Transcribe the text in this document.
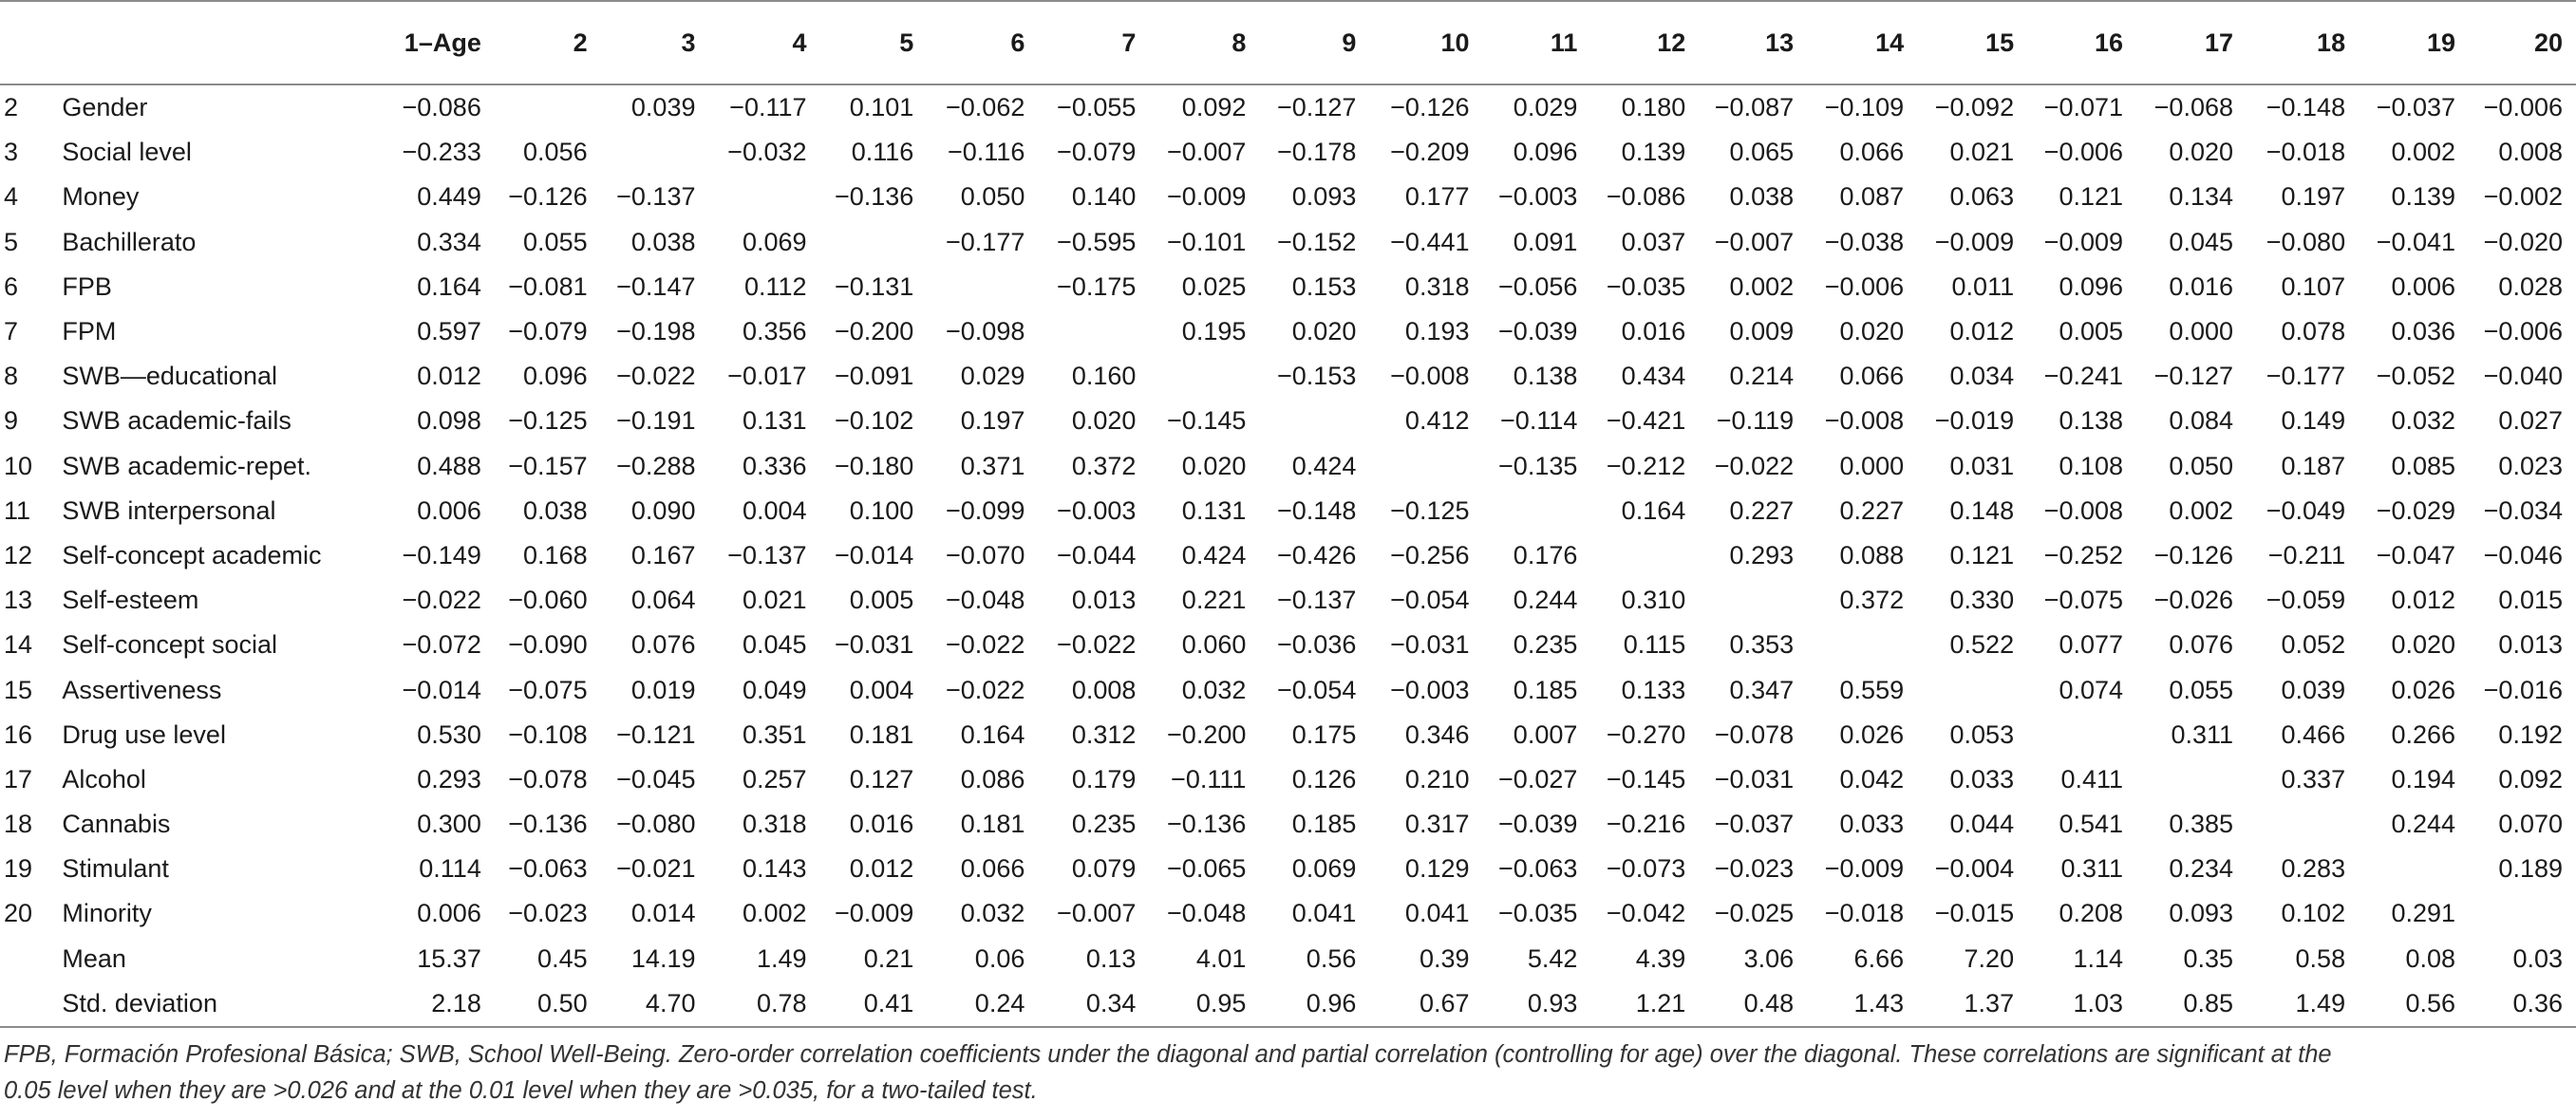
		1–Age	2	3	4	5	6	7	8	9	10	11	12	13	14	15	16	17	18	19	20
2	Gender	−0.086		0.039	−0.117	0.101	−0.062	−0.055	0.092	−0.127	−0.126	0.029	0.180	−0.087	−0.109	−0.092	−0.071	−0.068	−0.148	−0.037	−0.006
3	Social level	−0.233	0.056		−0.032	0.116	−0.116	−0.079	−0.007	−0.178	−0.209	0.096	0.139	0.065	0.066	0.021	−0.006	0.020	−0.018	0.002	0.008
4	Money	0.449	−0.126	−0.137		−0.136	0.050	0.140	−0.009	0.093	0.177	−0.003	−0.086	0.038	0.087	0.063	0.121	0.134	0.197	0.139	−0.002
5	Bachillerato	0.334	0.055	0.038	0.069		−0.177	−0.595	−0.101	−0.152	−0.441	0.091	0.037	−0.007	−0.038	−0.009	−0.009	0.045	−0.080	−0.041	−0.020
6	FPB	0.164	−0.081	−0.147	0.112	−0.131		−0.175	0.025	0.153	0.318	−0.056	−0.035	0.002	−0.006	0.011	0.096	0.016	0.107	0.006	0.028
7	FPM	0.597	−0.079	−0.198	0.356	−0.200	−0.098		0.195	0.020	0.193	−0.039	0.016	0.009	0.020	0.012	0.005	0.000	0.078	0.036	−0.006
8	SWB—educational	0.012	0.096	−0.022	−0.017	−0.091	0.029	0.160		−0.153	−0.008	0.138	0.434	0.214	0.066	0.034	−0.241	−0.127	−0.177	−0.052	−0.040
9	SWB academic-fails	0.098	−0.125	−0.191	0.131	−0.102	0.197	0.020	−0.145		0.412	−0.114	−0.421	−0.119	−0.008	−0.019	0.138	0.084	0.149	0.032	0.027
10	SWB academic-repet.	0.488	−0.157	−0.288	0.336	−0.180	0.371	0.372	0.020	0.424		−0.135	−0.212	−0.022	0.000	0.031	0.108	0.050	0.187	0.085	0.023
11	SWB interpersonal	0.006	0.038	0.090	0.004	0.100	−0.099	−0.003	0.131	−0.148	−0.125		0.164	0.227	0.227	0.148	−0.008	0.002	−0.049	−0.029	−0.034
12	Self-concept academic	−0.149	0.168	0.167	−0.137	−0.014	−0.070	−0.044	0.424	−0.426	−0.256	0.176		0.293	0.088	0.121	−0.252	−0.126	−0.211	−0.047	−0.046
13	Self-esteem	−0.022	−0.060	0.064	0.021	0.005	−0.048	0.013	0.221	−0.137	−0.054	0.244	0.310		0.372	0.330	−0.075	−0.026	−0.059	0.012	0.015
14	Self-concept social	−0.072	−0.090	0.076	0.045	−0.031	−0.022	−0.022	0.060	−0.036	−0.031	0.235	0.115	0.353		0.522	0.077	0.076	0.052	0.020	0.013
15	Assertiveness	−0.014	−0.075	0.019	0.049	0.004	−0.022	0.008	0.032	−0.054	−0.003	0.185	0.133	0.347	0.559		0.074	0.055	0.039	0.026	−0.016
16	Drug use level	0.530	−0.108	−0.121	0.351	0.181	0.164	0.312	−0.200	0.175	0.346	0.007	−0.270	−0.078	0.026	0.053		0.311	0.466	0.266	0.192
17	Alcohol	0.293	−0.078	−0.045	0.257	0.127	0.086	0.179	−0.111	0.126	0.210	−0.027	−0.145	−0.031	0.042	0.033	0.411		0.337	0.194	0.092
18	Cannabis	0.300	−0.136	−0.080	0.318	0.016	0.181	0.235	−0.136	0.185	0.317	−0.039	−0.216	−0.037	0.033	0.044	0.541	0.385		0.244	0.070
19	Stimulant	0.114	−0.063	−0.021	0.143	0.012	0.066	0.079	−0.065	0.069	0.129	−0.063	−0.073	−0.023	−0.009	−0.004	0.311	0.234	0.283		0.189
20	Minority	0.006	−0.023	0.014	0.002	−0.009	0.032	−0.007	−0.048	0.041	0.041	−0.035	−0.042	−0.025	−0.018	−0.015	0.208	0.093	0.102	0.291	
	Mean	15.37	0.45	14.19	1.49	0.21	0.06	0.13	4.01	0.56	0.39	5.42	4.39	3.06	6.66	7.20	1.14	0.35	0.58	0.08	0.03
	Std. deviation	2.18	0.50	4.70	0.78	0.41	0.24	0.34	0.95	0.96	0.67	0.93	1.21	0.48	1.43	1.37	1.03	0.85	1.49	0.56	0.36

FPB, Formación Profesional Básica; SWB, School Well-Being. Zero-order correlation coefficients under the diagonal and partial correlation (controlling for age) over the diagonal. These correlations are significant at the

0.05 level when they are >0.026 and at the 0.01 level when they are >0.035, for a two-tailed test.
